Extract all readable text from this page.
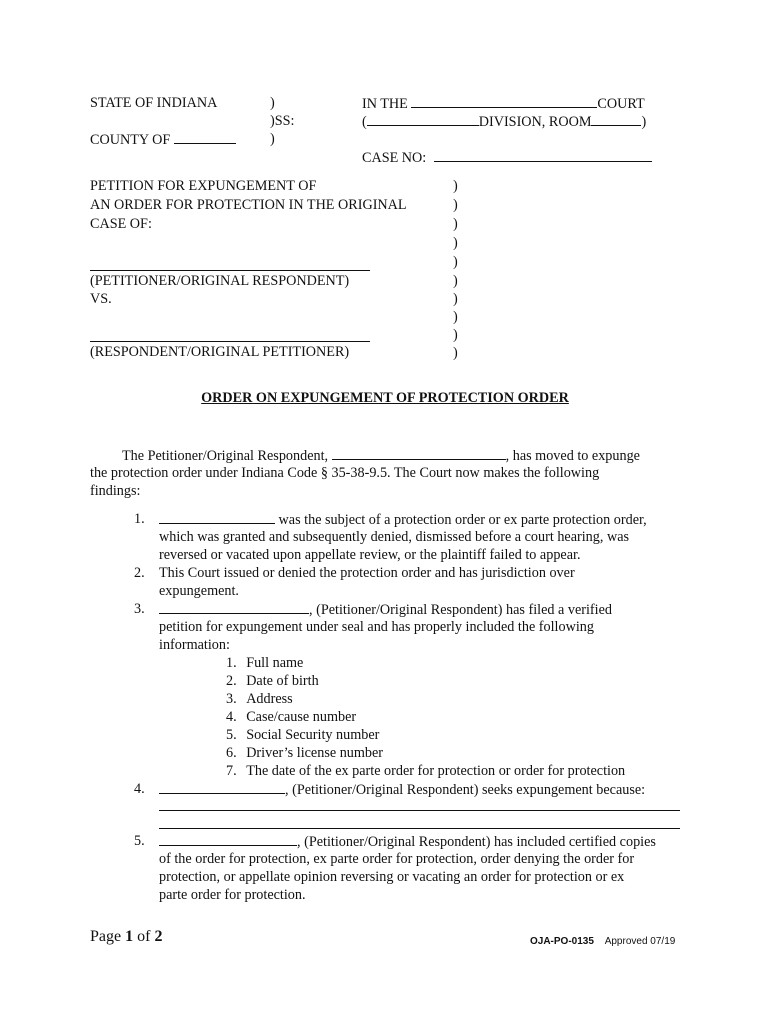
STATE OF INDIANA	)
)SS:
)
COUNTY OF
IN THE	COURT
(	DIVISION, ROOM	)
CASE NO:
PETITION FOR EXPUNGEMENT OF
AN ORDER FOR PROTECTION IN THE ORIGINAL
CASE OF:
(PETITIONER/ORIGINAL RESPONDENT)
VS.
(RESPONDENT/ORIGINAL PETITIONER)
)
)
)
)
)
)
)
)
)
)
ORDER ON EXPUNGEMENT OF PROTECTION ORDER
The Petitioner/Original Respondent,	, has moved to expunge
the protection order under Indiana Code § 35-38-9.5. The Court now makes the following
findings:
1.	was the subject of a protection order or ex parte protection order,
which was granted and subsequently denied, dismissed before a court hearing, was
reversed or vacated upon appellate review, or the plaintiff failed to appear.
2. This Court issued or denied the protection order and has jurisdiction over
expungement.
3.	, (Petitioner/Original Respondent) has filed a verified
petition for expungement under seal and has properly included the following
information:
1. Full name
2. Date of birth
3. Address
4. Case/cause number
5. Social Security number
6. Driver’s license number
7. The date of the ex parte order for protection or order for protection
4.	, (Petitioner/Original Respondent) seeks expungement because:
5.	, (Petitioner/Original Respondent) has included certified copies
of the order for protection, ex parte order for protection, order denying the order for
protection, or appellate opinion reversing or vacating an order for protection or ex
parte order for protection.
Page 1 of 2	OJA-PO-0135 Approved 07/19
